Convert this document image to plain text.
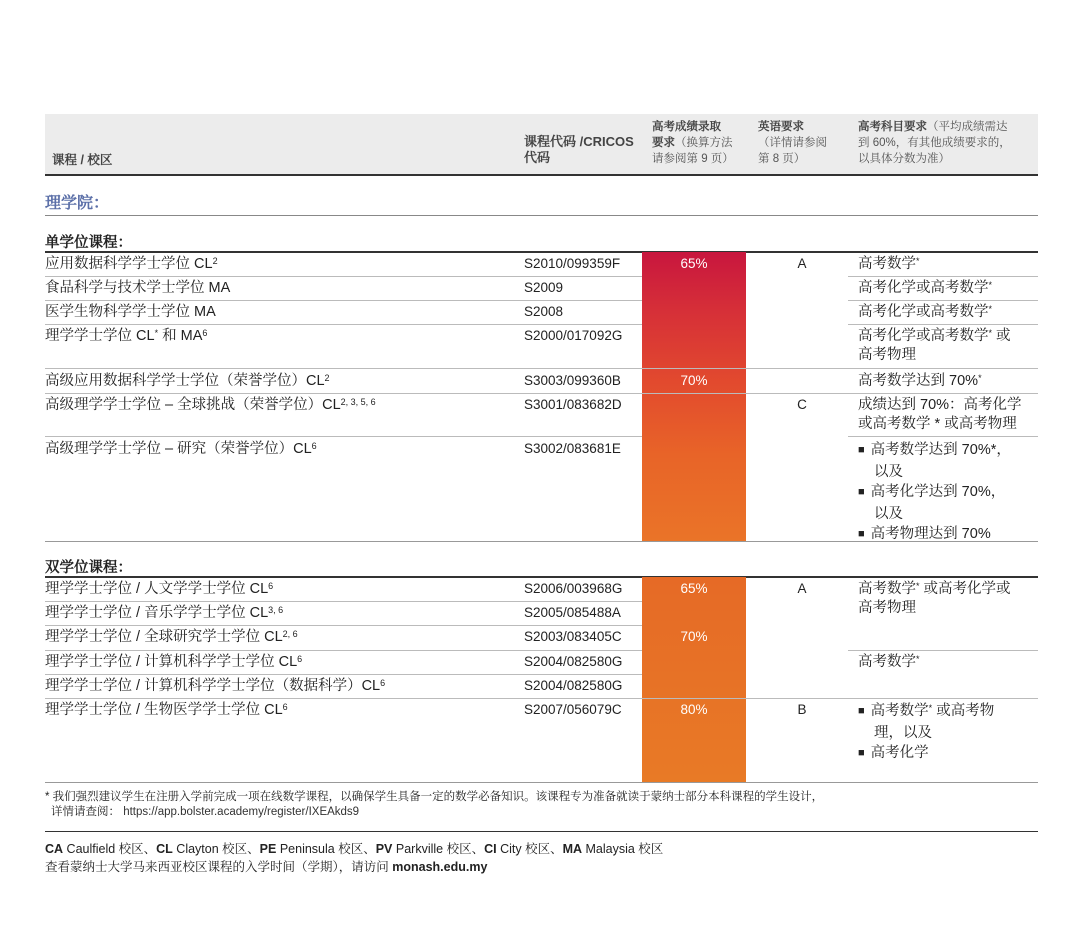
课程 / 校区
课程代码 /CRICOS
代码
高考成绩录取
要求（换算方法
请参阅第 9 页）
英语要求
（详情请参阅
第 8 页）
高考科目要求（平均成绩需达
到 60%，有其他成绩要求的，
以具体分数为准）
理学院：
单学位课程：
应用数据科学学士学位 $CL^2$
食品科学与技术学士学位 MA
医学生物科学学士学位 MA
理学学士学位 CL* 和 $MA^6$
高级应用数据科学学士学位（荣誉学位）$CL^2$
高级理学学士学位 – 全球挑战（荣誉学位）CL$^{2, 3, 5, 6}$
高级理学学士学位 – 研究（荣誉学位）$CL^6$
S2010/099359F
S2009
S2008
S2000/017092G
S3003/099360B
S3001/083682D
S3002/083681E
65%
70%
A
C
高考数学*
高考化学或高考数学*
高考化学或高考数学*
高考化学或高考数学* 或
高考物理
高考数学达到 70%*
成绩达到 70%：高考化学
或高考数学 * 或高考物理
■ 高考数学达到 70%*，
以及
■ 高考化学达到 70%，
以及
■ 高考物理达到 70%
双学位课程：
理学学士学位 / 人文学学士学位 $CL^6$
理学学士学位 / 音乐学学士学位 CL$^{3, 6}$
理学学士学位 / 全球研究学士学位 CL$^{2, 6}$
理学学士学位 / 计算机科学学士学位 $CL^6$
理学学士学位 / 计算机科学学士学位（数据科学）$CL^6$
理学学士学位 / 生物医学学士学位 $CL^6$
S2006/003968G
S2005/085488A
S2003/083405C
S2004/082580G
S2004/082580G
S2007/056079C
65%
70%
80%
A
B
高考数学* 或高考化学或
高考物理
高考数学*
■ 高考数学* 或高考物
理，以及
■ 高考化学
* 我们强烈建议学生在注册入学前完成一项在线数学课程，以确保学生具备一定的数学必备知识。该课程专为准备就读于蒙纳士部分本科课程的学生设计，
详情请查阅： https://app.bolster.academy/register/IXEAkds9
CA Caulfield 校区、CL Clayton 校区、PE Peninsula 校区、PV Parkville 校区、CI City 校区、MA Malaysia 校区
查看蒙纳士大学马来西亚校区课程的入学时间（学期），请访问 monash.edu.my
